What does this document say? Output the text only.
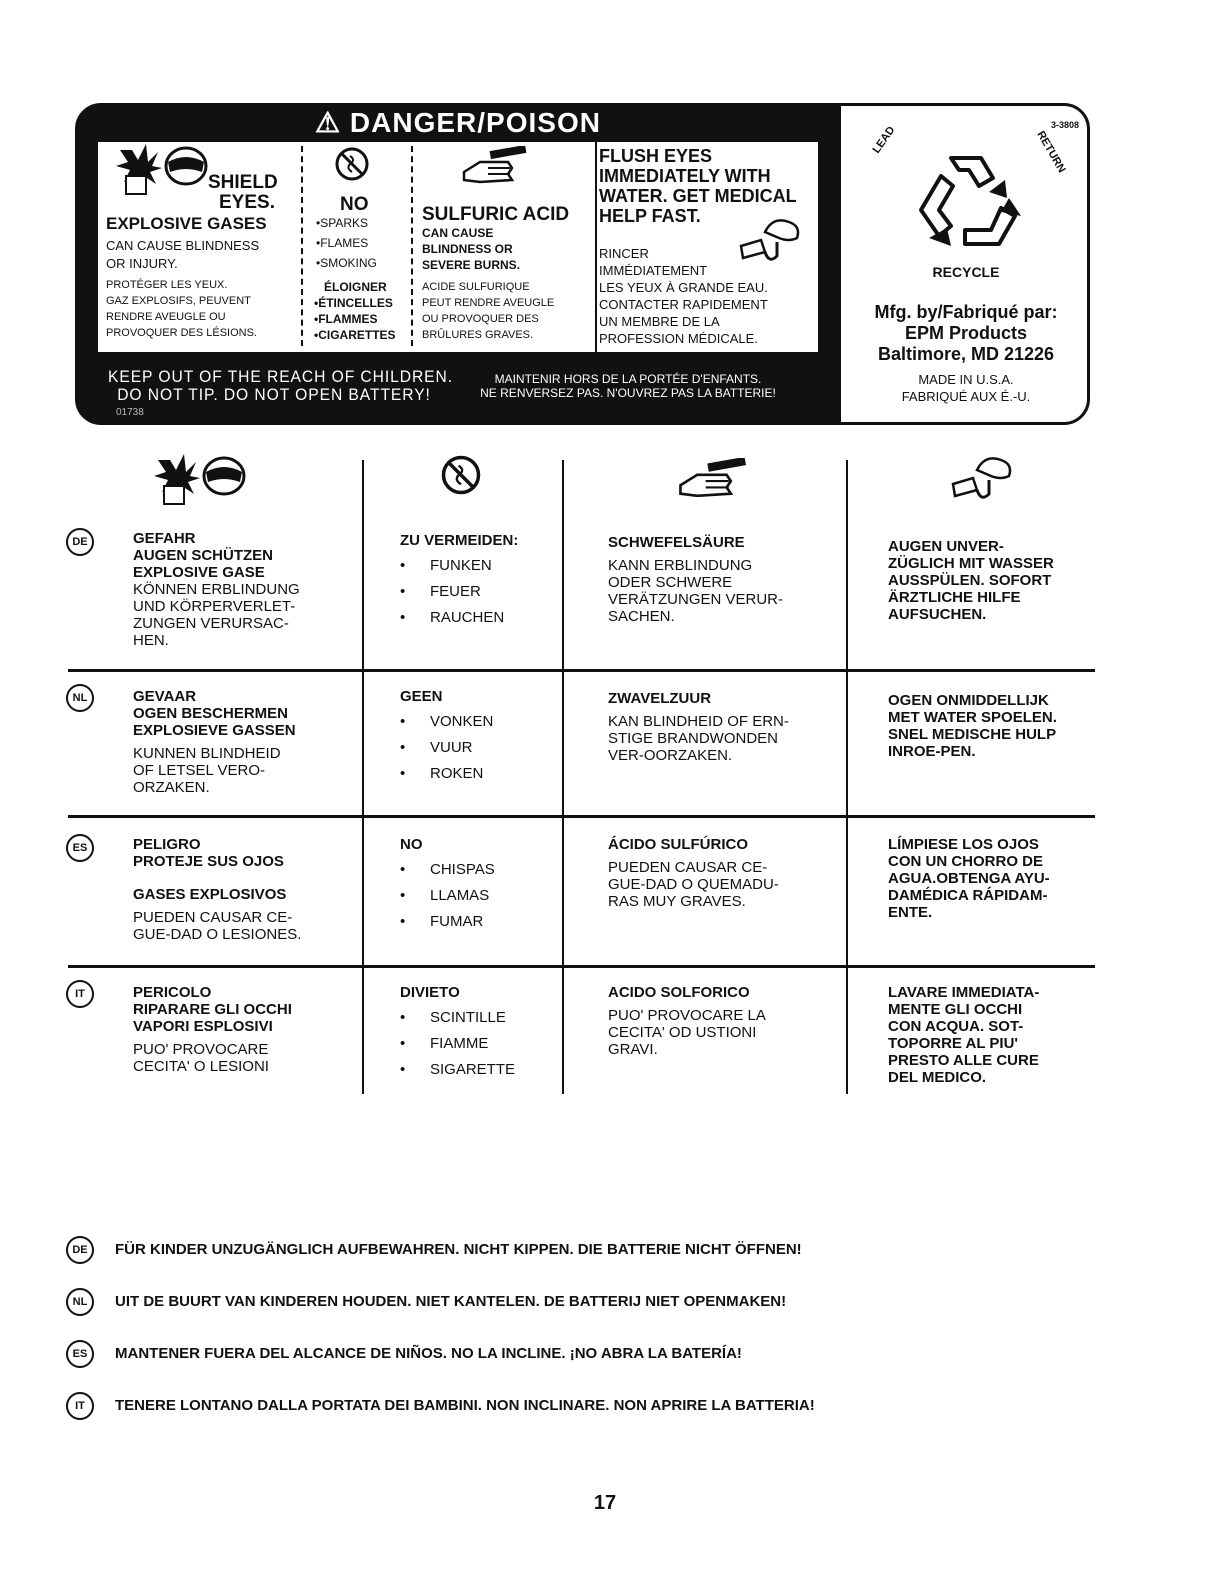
⚠ DANGER/POISON
SHIELD
EYES.
EXPLOSIVE GASES
CAN CAUSE BLINDNESS
OR INJURY.
PROTÉGER LES YEUX.
GAZ EXPLOSIFS, PEUVENT
RENDRE AVEUGLE OU
PROVOQUER DES LÉSIONS.
NO
•SPARKS
•FLAMES
•SMOKING
ÉLOIGNER
•ÉTINCELLES
•FLAMMES
•CIGARETTES
SULFURIC ACID
CAN CAUSE
BLINDNESS OR
SEVERE BURNS.
ACIDE SULFURIQUE
PEUT RENDRE AVEUGLE
OU PROVOQUER DES
BRÛLURES GRAVES.
FLUSH EYES
IMMEDIATELY WITH
WATER. GET MEDICAL
HELP FAST.
RINCER
IMMÉDIATEMENT
LES YEUX À GRANDE EAU.
CONTACTER RAPIDEMENT
UN MEMBRE DE LA
PROFESSION MÉDICALE.
KEEP OUT OF THE REACH OF CHILDREN.
DO NOT TIP. DO NOT OPEN BATTERY!
MAINTENIR HORS DE LA PORTÉE D'ENFANTS.
NE RENVERSEZ PAS. N'OUVREZ PAS LA BATTERIE!
01738
3-3808
LEAD	RETURN
RECYCLE
Mfg. by/Fabriqué par:
EPM Products
Baltimore, MD 21226
MADE IN U.S.A.
FABRIQUÉ AUX É.-U.
DE	GEFAHR
AUGEN SCHÜTZEN
EXPLOSIVE GASE
KÖNNEN ERBLINDUNG
UND KÖRPERVERLET-
ZUNGEN VERURSAC-
HEN.
ZU VERMEIDEN:
• FUNKEN
• FEUER
• RAUCHEN
SCHWEFELSÄURE
KANN ERBLINDUNG
ODER SCHWERE
VERÄTZUNGEN VERUR-
SACHEN.
AUGEN UNVER-
ZÜGLICH MIT WASSER
AUSSPÜLEN. SOFORT
ÄRZTLICHE HILFE
AUFSUCHEN.
NL	GEVAAR
OGEN BESCHERMEN
EXPLOSIEVE GASSEN
KUNNEN BLINDHEID
OF LETSEL VERO-
ORZAKEN.
GEEN
• VONKEN
• VUUR
• ROKEN
ZWAVELZUUR
KAN BLINDHEID OF ERN-
STIGE BRANDWONDEN
VER-OORZAKEN.
OGEN ONMIDDELLIJK
MET WATER SPOELEN.
SNEL MEDISCHE HULP
INROE-PEN.
ES	PELIGRO
PROTEJE SUS OJOS
GASES EXPLOSIVOS
PUEDEN CAUSAR CE-
GUE-DAD O LESIONES.
NO
• CHISPAS
• LLAMAS
• FUMAR
ÁCIDO SULFÚRICO
PUEDEN CAUSAR CE-
GUE-DAD O QUEMADU-
RAS MUY GRAVES.
LÍMPIESE LOS OJOS
CON UN CHORRO DE
AGUA.OBTENGA AYU-
DAMÉDICA RÁPIDAM-
ENTE.
IT	PERICOLO
RIPARARE GLI OCCHI
VAPORI ESPLOSIVI
PUO' PROVOCARE
CECITA' O LESIONI
DIVIETO
• SCINTILLE
• FIAMME
• SIGARETTE
ACIDO SOLFORICO
PUO' PROVOCARE LA
CECITA' OD USTIONI
GRAVI.
LAVARE IMMEDIATA-
MENTE GLI OCCHI
CON ACQUA. SOT-
TOPORRE AL PIU'
PRESTO ALLE CURE
DEL MEDICO.
DE	FÜR KINDER UNZUGÄNGLICH AUFBEWAHREN. NICHT KIPPEN. DIE BATTERIE NICHT ÖFFNEN!
NL	UIT DE BUURT VAN KINDEREN HOUDEN. NIET KANTELEN. DE BATTERIJ NIET OPENMAKEN!
ES	MANTENER FUERA DEL ALCANCE DE NIÑOS. NO LA INCLINE. ¡NO ABRA LA BATERÍA!
IT	TENERE LONTANO DALLA PORTATA DEI BAMBINI. NON INCLINARE. NON APRIRE LA BATTERIA!
17
